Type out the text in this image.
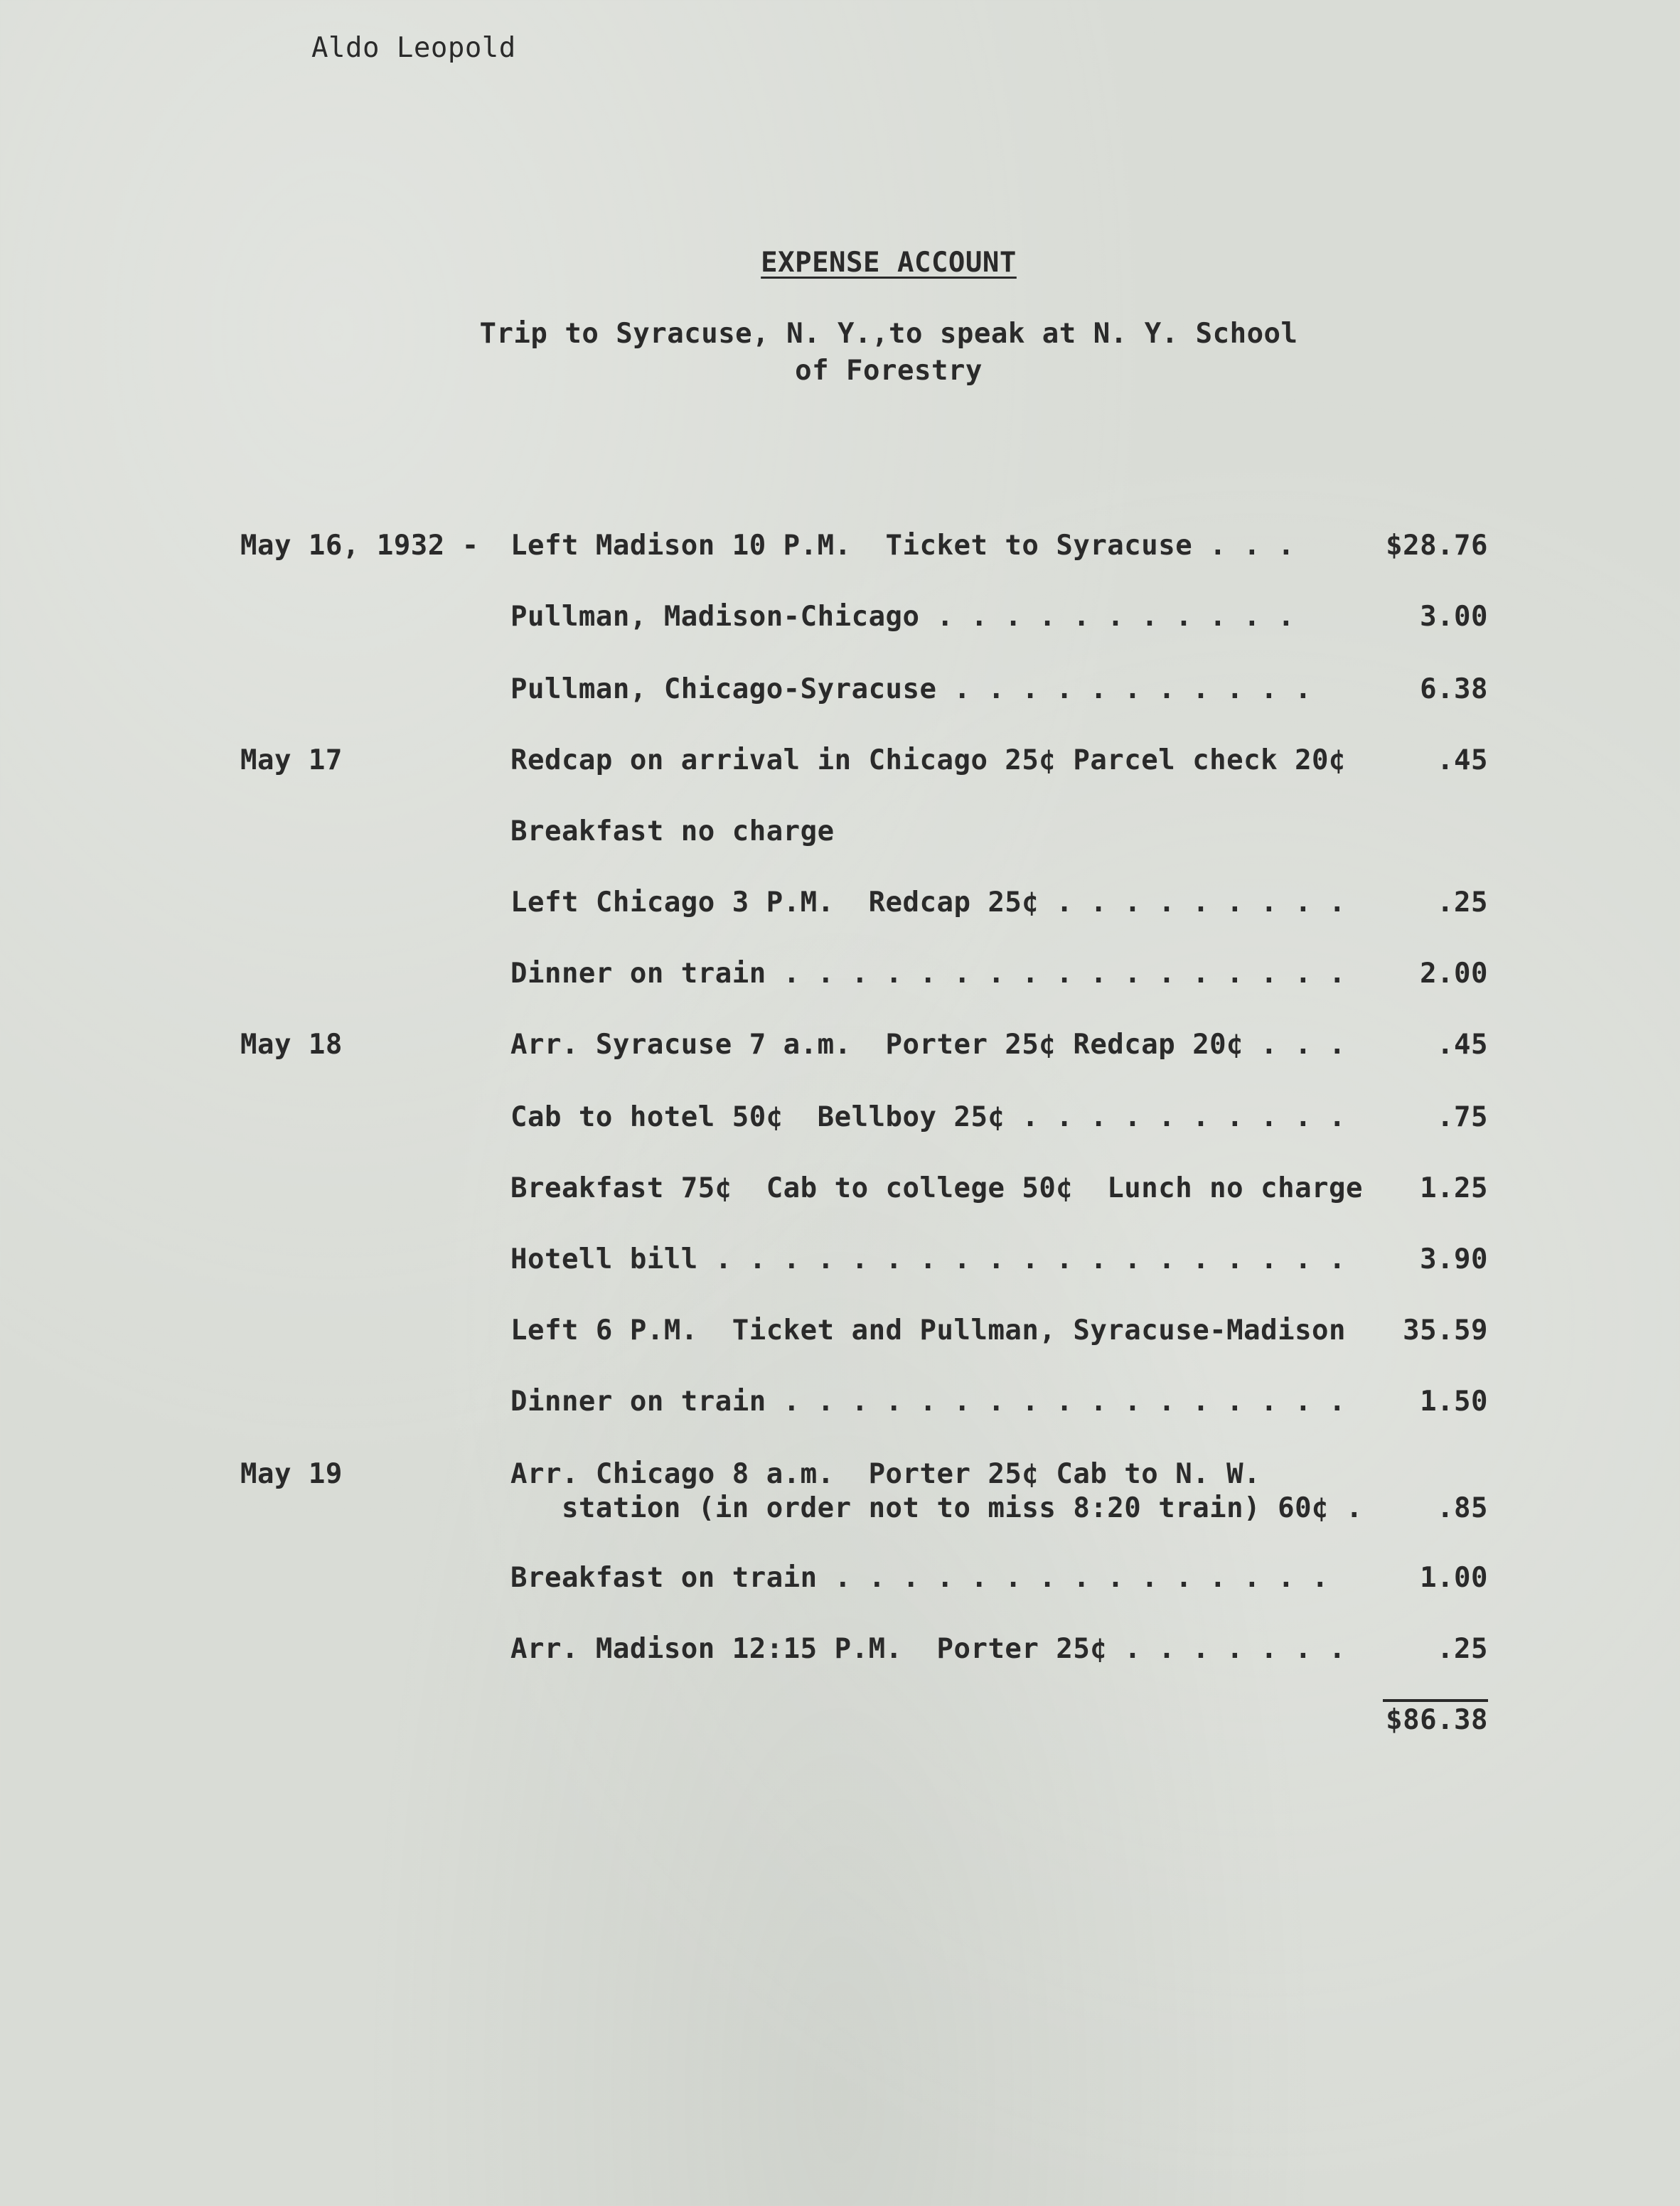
Aldo Leopold
EXPENSE ACCOUNT
Trip to Syracuse, N. Y.,to speak at N. Y. School
of Forestry
May 16, 1932 - Left Madison 10 P.M.  Ticket to Syracuse . . .	$28.76
Pullman, Madison-Chicago . . . . . . . . . . .	3.00
Pullman, Chicago-Syracuse . . . . . . . . . . .	6.38
May 17	Redcap on arrival in Chicago 25¢ Parcel check 20¢	.45
Breakfast no charge
Left Chicago 3 P.M.  Redcap 25¢ . . . . . . . . .	.25
Dinner on train . . . . . . . . . . . . . . . . .	2.00
May 18	Arr. Syracuse 7 a.m.  Porter 25¢ Redcap 20¢ . . .	.45
Cab to hotel 50¢  Bellboy 25¢ . . . . . . . . . .	.75
Breakfast 75¢  Cab to college 50¢  Lunch no charge 1.25
Hotell bill . . . . . . . . . . . . . . . . . . .	3.90
Left 6 P.M.  Ticket and Pullman, Syracuse-Madison 35.59
Dinner on train . . . . . . . . . . . . . . . . .	1.50
May 19	Arr. Chicago 8 a.m.  Porter 25¢ Cab to N. W.
station (in order not to miss 8:20 train) 60¢ .	.85
Breakfast on train . . . . . . . . . . . . . . .	1.00
Arr. Madison 12:15 P.M.  Porter 25¢ . . . . . . .	.25
$86.38
